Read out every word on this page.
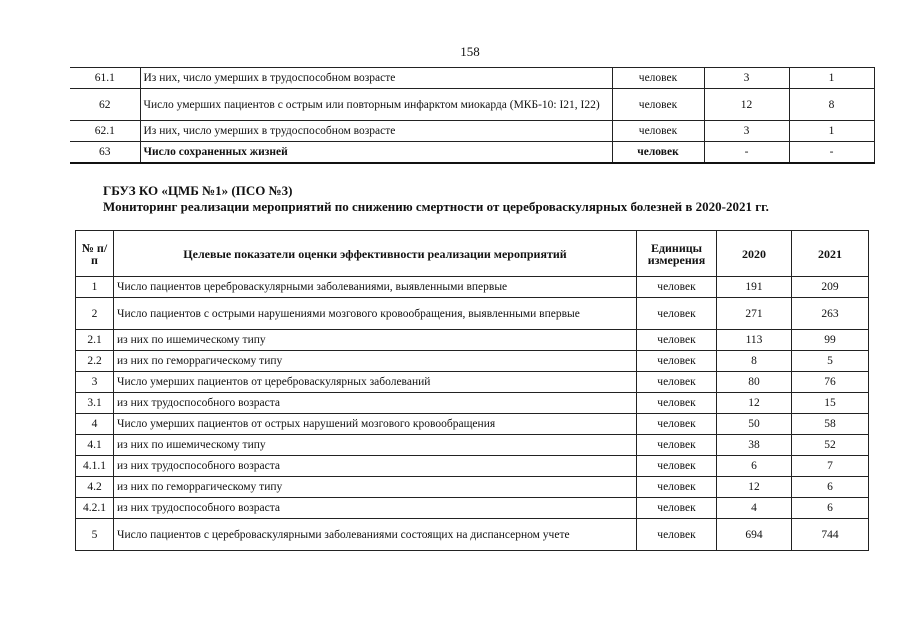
158
61.1	Из них, число умерших в трудоспособном возрасте	человек	3	1
62	Число умерших пациентов с острым или повторным инфарктом миокарда (МКБ-10: I21, I22)	человек	12	8
62.1	Из них, число умерших в трудоспособном возрасте	человек	3	1
63	Число сохраненных жизней	человек	-	-
ГБУЗ КО «ЦМБ №1» (ПСО №3)
Мониторинг реализации мероприятий по снижению смертности от цереброваскулярных болезней в 2020-2021 гг.
№ п/п	Целевые показатели оценки эффективности реализации мероприятий	Единицы измерения	2020	2021
1	Число пациентов цереброваскулярными заболеваниями, выявленными впервые	человек	191	209
2	Число пациентов с острыми нарушениями мозгового кровообращения, выявленными впервые	человек	271	263
2.1	из них по ишемическому типу	человек	113	99
2.2	из них по геморрагическому типу	человек	8	5
3	Число умерших пациентов от цереброваскулярных заболеваний	человек	80	76
3.1	из них трудоспособного возраста	человек	12	15
4	Число умерших пациентов от острых нарушений мозгового кровообращения	человек	50	58
4.1	из них по ишемическому типу	человек	38	52
4.1.1	из них трудоспособного возраста	человек	6	7
4.2	из них по геморрагическому типу	человек	12	6
4.2.1	из них трудоспособного возраста	человек	4	6
5	Число пациентов с цереброваскулярными заболеваниями состоящих на диспансерном учете	человек	694	744
